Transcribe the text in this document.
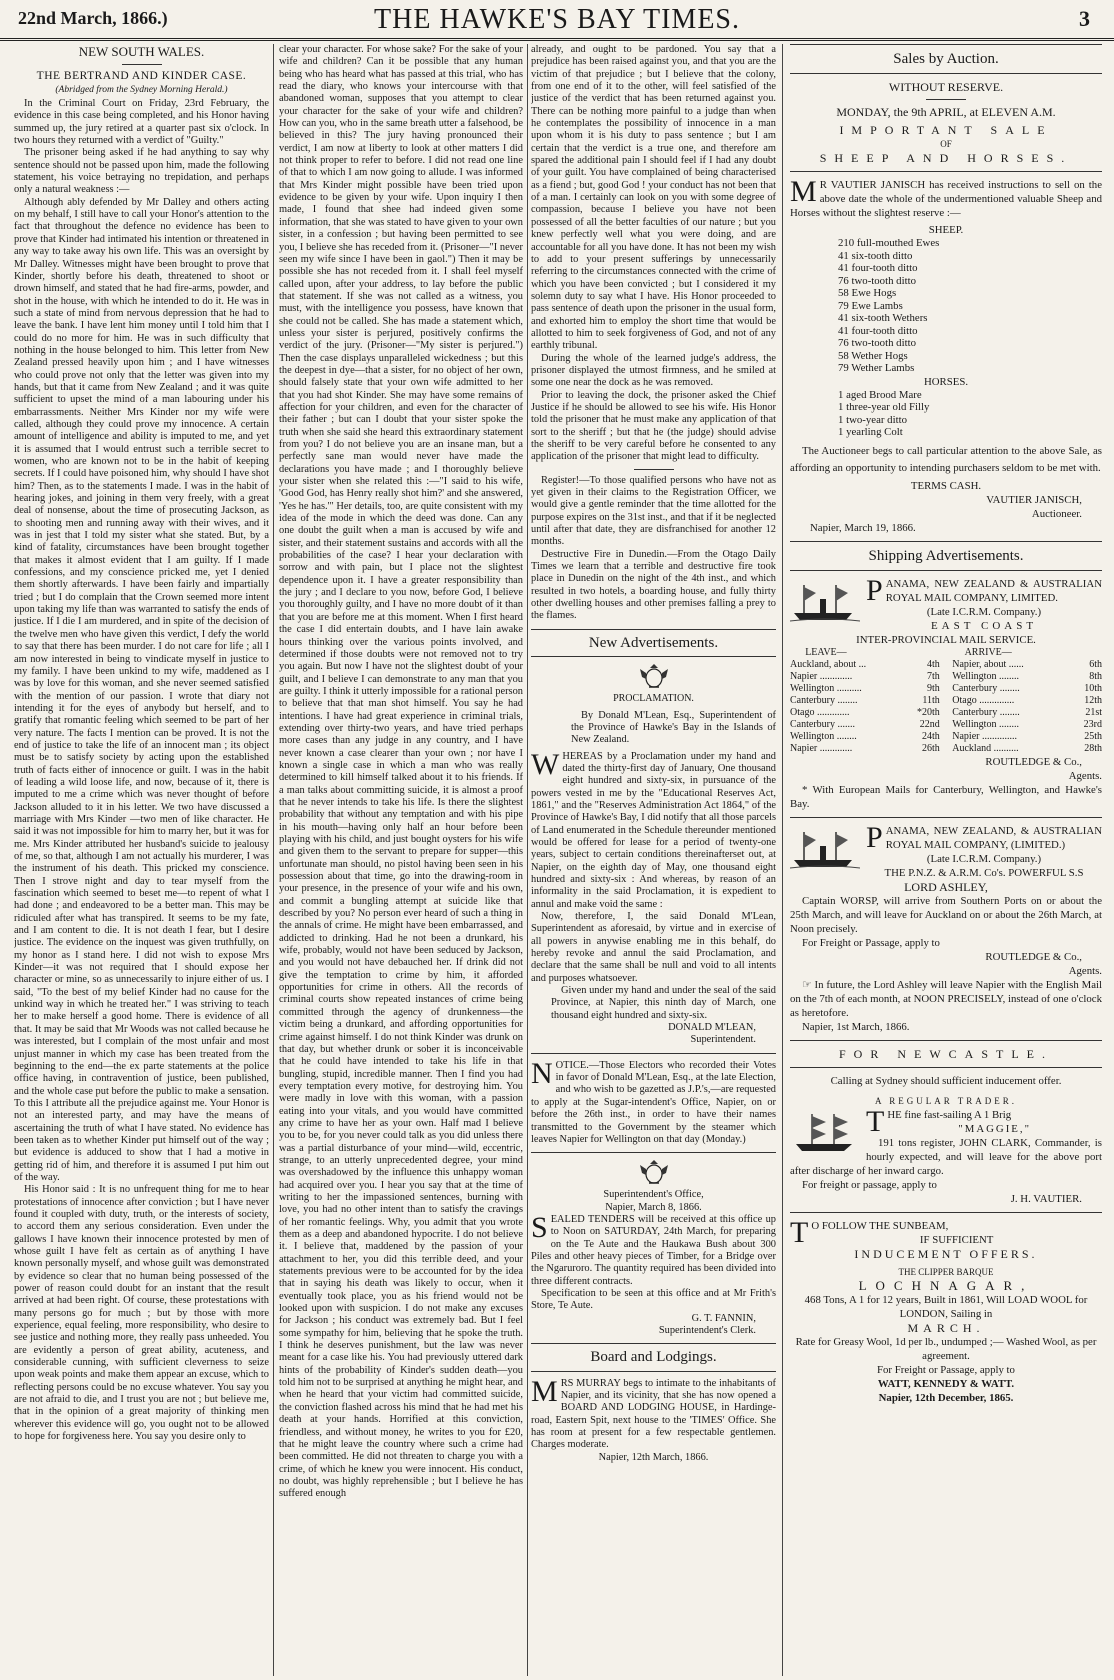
22nd March, 1866.)	THE HAWKE'S BAY TIMES.	3
NEW SOUTH WALES.
THE BERTRAND AND KINDER CASE.
(Abridged from the Sydney Morning Herald.)

In the Criminal Court on Friday, 23rd February, the evidence in this case being completed, and his Honor having summed up, the jury retired at a quarter past six o'clock. In two hours they returned with a verdict of "Guilty."

The prisoner being asked if he had anything to say why sentence should not be passed upon him, made the following statement, his voice betraying no trepidation, and perhaps only a natural weakness :—

Although ably defended by Mr Dalley and others acting on my behalf, I still have to call your Honor's attention to the fact that throughout the defence no evidence has been to prove that Kinder had intimated his intention or threatened in any way to take away his own life. This was an oversight by Mr Dalley. Witnesses might have been brought to prove that Kinder, shortly before his death, threatened to shoot or drown himself, and stated that he had fire-arms, powder, and shot in the house, with which he intended to do it. He was in such a state of mind from nervous depression that he had to leave the bank. I have lent him money until I told him that I could do no more for him. He was in such difficulty that nothing in the house belonged to him. This letter from New Zealand pressed heavily upon him ; and I have witnesses who could prove not only that the letter was given into my hands, but that it came from New Zealand ; and it was quite sufficient to upset the mind of a man labouring under his embarrassments. Neither Mrs Kinder nor my wife were called, although they could prove my innocence. A certain amount of intelligence and ability is imputed to me, and yet it is assumed that I would entrust such a terrible secret to women, who are known not to be in the habit of keeping secrets. If I could have poisoned him, why should I have shot him? Then, as to the statements I made. I was in the habit of hearing jokes, and joining in them very freely, with a great deal of nonsense, about the time of prosecuting Jackson, as to shooting men and running away with their wives, and it was in jest that I told my sister what she stated. But, by a kind of fatality, circumstances have been brought together that makes it almost evident that I am guilty. If I made confessions, and my conscience pricked me, yet I denied them shortly afterwards. I have been fairly and impartially tried ; but I do complain that the Crown seemed more intent upon taking my life than was warranted to satisfy the ends of justice. If I die I am murdered, and in spite of the decision of the twelve men who have given this verdict, I defy the world to say that there has been murder. I do not care for life ; all I am now interested in being to vindicate myself in justice to my family. I have been unkind to my wife, maddened as I was by love for this woman, and she never seemed satisfied with the mention of our passion. I wrote that diary not intending it for the eyes of anybody but herself, and to gratify that romantic feeling which seemed to be part of her very nature. The facts I mention can be proved. It is not the end of justice to take the life of an innocent man ; its object must be to satisfy society by acting upon the established truth of facts either of innocence or guilt. I was in the habit of leading a wild loose life, and now, because of it, there is imputed to me a crime which was never thought of before Jackson alluded to it in his letter. We two have discussed a marriage with Mrs Kinder —two men of like character. He said it was not impossible for him to marry her, but it was for me. Mrs Kinder attributed her husband's suicide to jealousy of me, so that, although I am not actually his murderer, I was the instrument of his death. This pricked my conscience. Then I strove night and day to tear myself from the fascination which seemed to beset me—to repent of what I had done ; and endeavored to be a better man. This may be ridiculed after what has transpired. It seems to be my fate, and I am content to die. It is not death I fear, but I desire justice. The evidence on the inquest was given truthfully, on my honor as I stand here. I did not wish to expose Mrs Kinder—it was not required that I should expose her character or mine, so as unnecessarily to injure either of us. I said, "To the best of my belief Kinder had no cause for the unkind way in which he treated her." I was striving to teach her to make herself a good home. There is evidence of all that. It may be said that Mr Woods was not called because he was interested, but I complain of the most unfair and most unjust manner in which my case has been treated from the beginning to the end—the ex parte statements at the police office having, in contravention of justice, been published, and the whole case put before the public to make a sensation. To this I attribute all the prejudice against me. Your Honor is not an interested party, and may have the means of ascertaining the truth of what I have stated. No evidence has been taken as to whether Kinder put himself out of the way ; but evidence is adduced to show that I had a motive in getting rid of him, and therefore it is assumed I put him out of the way.

His Honor said : It is no unfrequent thing for me to hear protestations of innocence after conviction ; but I have never found it coupled with duty, truth, or the interests of society, to accord them any serious consideration. Even under the gallows I have known their innocence protested by men of whose guilt I have felt as certain as of anything I have known personally myself, and whose guilt was demonstrated by evidence so clear that no human being possessed of the power of reason could doubt for an instant that the result arrived at had been right. Of course, these protestations with many persons go for much ; but by those with more experience, equal feeling, more responsibility, who desire to see justice and nothing more, they really pass unheeded. You are evidently a person of great ability, acuteness, and considerable cunning, with sufficient cleverness to seize upon weak points and make them appear an excuse, which to reflecting persons could be no excuse whatever. You say you are not afraid to die, and I trust you are not ; but believe me, that in the opinion of a great majority of thinking men wherever this evidence will go, you ought not to be allowed to hope for forgiveness here. You say you desire only to

clear your character. For whose sake? For the sake of your wife and children? Can it be possible that any human being who has heard what has passed at this trial, who has read the diary, who knows your intercourse with that abandoned woman, supposes that you attempt to clear your character for the sake of your wife and children? How can you, who in the same breath utter a falsehood, be believed in this? The jury having pronounced their verdict, I am now at liberty to look at other matters I did not think proper to refer to before. I did not read one line of that to which I am now going to allude. I was informed that Mrs Kinder might possible have been tried upon evidence to be given by your wife. Upon inquiry I then made, I found that shee had indeed given some information, that she was stated to have given to your own sister, in a confession ; but having been permitted to see you, I believe she has receded from it. (Prisoner—"I never seen my wife since I have been in gaol.") Then it may be possible she has not receded from it. I shall feel myself called upon, after your address, to lay before the public that statement. If she was not called as a witness, you must, with the intelligence you possess, have known that she could not be called. She has made a statement which, unless your sister is perjured, positively confirms the verdict of the jury. (Prisoner—"My sister is perjured.") Then the case displays unparalleled wickedness ; but this the deepest in dye—that a sister, for no object of her own, should falsely state that your own wife admitted to her that you had shot Kinder. She may have some remains of affection for your children, and even for the character of their father ; but can I doubt that your sister spoke the truth when she said she heard this extraordinary statement from you? I do not believe you are an insane man, but a perfectly sane man would never have made the declarations you have made ; and I thoroughly believe your sister when she related this :—"I said to his wife, 'Good God, has Henry really shot him?' and she answered, 'Yes he has.'" Her details, too, are quite consistent with my idea of the mode in which the deed was done. Can any one doubt the guilt when a man is accused by wife and sister, and their statement sustains and accords with all the probabilities of the case? I hear your declaration with sorrow and with pain, but I place not the slightest dependence upon it. I have a greater responsibility than the jury ; and I declare to you now, before God, I believe you thoroughly guilty, and I have no more doubt of it than that you are before me at this moment. When I first heard the case I did entertain doubts, and I have lain awake hours thinking over the various points involved, and determined if those doubts were not removed not to try you again. But now I have not the slightest doubt of your guilt, and I believe I can demonstrate to any man that you are guilty. I think it utterly impossible for a rational person to believe that that man shot himself. You say he had intentions. I have had great experience in criminal trials, extending over thirty-two years, and have tried perhaps more cases than any judge in any country, and I have never known a case clearer than your own ; nor have I known a single case in which a man who was really determined to kill himself talked about it to his friends. If a man talks about committing suicide, it is almost a proof that he never intends to take his life. Is there the slightest probability that without any temptation and with his pipe in his mouth—having only half an hour before been playing with his child, and just bought oysters for his wife and given them to the servant to prepare for supper—this unfortunate man should, no pistol having been seen in his possession about that time, go into the drawing-room in your presence, in the presence of your wife and his own, and commit a bungling attempt at suicide like that described by you? No person ever heard of such a thing in the annals of crime. He might have been embarrassed, and addicted to drinking. Had he not been a drunkard, his wife, probably, would not have been seduced by Jackson, and you would not have debauched her. If drink did not give the temptation to crime by him, it afforded opportunities for crime in others. All the records of criminal courts show repeated instances of crime being committed through the agency of drunkenness—the victim being a drunkard, and affording opportunities for crime against himself. I do not think Kinder was drunk on that day, but whether drunk or sober it is inconceivable that he could have intended to take his life in that bungling, stupid, incredible manner. Then I find you had every temptation every motive, for destroying him. You were madly in love with this woman, with a passion eating into your vitals, and you would have committed any crime to have her as your own. Half mad I believe you to be, for you never could talk as you did unless there was a partial disturbance of your mind—wild, eccentric, strange, to an utterly unprecedented degree, your mind was overshadowed by the influence this unhappy woman had acquired over you. I hear you say that at the time of writing to her the impassioned sentences, burning with love, you had no other intent than to satisfy the cravings of her romantic feelings. Why, you admit that you wrote them as a deep and abandoned hypocrite. I do not believe it. I believe that, maddened by the passion of your attachment to her, you did this terrible deed, and your statements previous were to be accounted for by the idea that in saying his death was likely to occur, when it eventually took place, you as his friend would not be looked upon with suspicion. I do not make any excuses for Jackson ; his conduct was extremely bad. But I feel some sympathy for him, believing that he spoke the truth. I think he deserves punishment, but the law was never meant for a case like his. You had previously uttered dark hints of the probability of Kinder's sudden death—you told him not to be surprised at anything he might hear, and when he heard that your victim had committed suicide, the conviction flashed across his mind that he had met his death at your hands. Horrified at this conviction, friendless, and without money, he writes to you for £20, that he might leave the country where such a crime had been committed. He did not threaten to charge you with a crime, of which he knew you were innocent. His conduct, no doubt, was highly reprehensible ; but I believe he has suffered enough

already, and ought to be pardoned. You say that a prejudice has been raised against you, and that you are the victim of that prejudice ; but I believe that the colony, from one end of it to the other, will feel satisfied of the justice of the verdict that has been returned against you. There can be nothing more painful to a judge than when he contemplates the possibility of innocence in a man upon whom it is his duty to pass sentence ; but I am certain that the verdict is a true one, and therefore am spared the additional pain I should feel if I had any doubt of your guilt. You have complained of being characterised as a fiend ; but, good God ! your conduct has not been that of a man. I certainly can look on you with some degree of compassion, because I believe you have not been possessed of all the better faculties of our nature ; but you knew perfectly well what you were doing, and are accountable for all you have done. It has not been my wish to add to your present sufferings by unnecessarily referring to the circumstances connected with the crime of which you have been convicted ; but I considered it my solemn duty to say what I have. His Honor proceeded to pass sentence of death upon the prisoner in the usual form, and exhorted him to employ the short time that would be allotted to him to seek forgiveness of God, and not of any earthly tribunal.

During the whole of the learned judge's address, the prisoner displayed the utmost firmness, and he smiled at some one near the dock as he was removed.

Prior to leaving the dock, the prisoner asked the Chief Justice if he should be allowed to see his wife. His Honor told the prisoner that he must make any application of that sort to the sheriff ; but that he (the judge) should advise the sheriff to be very careful before he consented to any application of the prisoner that might lead to difficulty.

Register!—To those qualified persons who have not as yet given in their claims to the Registration Officer, we would give a gentle reminder that the time allotted for the purpose expires on the 31st inst., and that if it be neglected until after that date, they are disfranchised for another 12 months.

Destructive Fire in Dunedin.—From the Otago Daily Times we learn that a terrible and destructive fire took place in Dunedin on the night of the 4th inst., and which resulted in two hotels, a boarding house, and fully thirty other dwelling houses and other premises falling a prey to the flames.

New Advertisements.
PROCLAMATION.

By Donald M'Lean, Esq., Superintendent of the Province of Hawke's Bay in the Islands of New Zealand.

WHEREAS by a Proclamation under my hand and dated the thirty-first day of January, One thousand eight hundred and sixty-six, in pursuance of the powers vested in me by the "Educational Reserves Act, 1861," and the "Reserves Administration Act 1864," of the Province of Hawke's Bay, I did notify that all those parcels of Land enumerated in the Schedule thereunder mentioned would be offered for lease for a period of twenty-one years, subject to certain conditions thereinafterset out, at Napier, on the eighth day of May, one thousand eight hundred and sixty-six : And whereas, by reason of an informality in the said Proclamation, it is expedient to annul and make void the same :

Now, therefore, I, the said Donald M'Lean, Superintendent as aforesaid, by virtue and in exercise of all powers in anywise enabling me in this behalf, do hereby revoke and annul the said Proclamation, and declare that the same shall be null and void to all intents and purposes whatsoever.

Given under my hand and under the seal of the said Province, at Napier, this ninth day of March, one thousand eight hundred and sixty-six.

DONALD M'LEAN,
Superintendent.

NOTICE.—Those Electors who recorded their Votes in favor of Donald M'Lean, Esq., at the late Election, and who wish to be gazetted as J.P.'s,—are requested to apply at the Sugar-intendent's Office, Napier, on or before the 26th inst., in order to have their names transmitted to the Government by the steamer which leaves Napier for Wellington on that day (Monday.)

Superintendent's Office,
Napier, March 8, 1866.

SEALED TENDERS will be received at this office up to Noon on SATURDAY, 24th March, for preparing on the Te Aute and the Haukawa Bush about 300 Piles and other heavy pieces of Timber, for a Bridge over the Ngaruroro. The quantity required has been divided into three different contracts.

Specification to be seen at this office and at Mr Frith's Store, Te Aute.

G. T. FANNIN,
Superintendent's Clerk.
Board and Lodgings.

MRS MURRAY begs to intimate to the inhabitants of Napier, and its vicinity, that she has now opened a BOARD AND LODGING HOUSE, in Hardinge-road, Eastern Spit, next house to the 'TIMES' Office. She has room at present for a few respectable gentlemen. Charges moderate.

Napier, 12th March, 1866.
Sales by Auction.
WITHOUT RESERVE.
MONDAY, the 9th APRIL, at ELEVEN A.M.
IMPORTANT SALE
OF
SHEEP AND HORSES.

M R VAUTIER JANISCH has received instructions to sell on the above date the whole of the undermentioned valuable Sheep and Horses without the slightest reserve :—

SHEEP.
210 full-mouthed Ewes
41 six-tooth ditto
41 four-tooth ditto
76 two-tooth ditto
58 Ewe Hogs
79 Ewe Lambs
41 six-tooth Wethers
41 four-tooth ditto
76 two-tooth ditto
58 Wether Hogs
79 Wether Lambs
HORSES.
1 aged Brood Mare
1 three-year old Filly
1 two-year ditto
1 yearling Colt

The Auctioneer begs to call particular attention to the above Sale, as affording an opportunity to intending purchasers seldom to be met with.

TERMS CASH.
VAUTIER JANISCH,
Auctioneer.

Napier, March 19, 1866.

Shipping Advertisements.

PANAMA, NEW ZEALAND & AUSTRALIAN ROYAL MAIL COMPANY, LIMITED.

(Late I.C.R.M. Company.)
EAST COAST
INTER-PROVINCIAL MAIL SERVICE.
LEAVE—
Auckland, about ...	4th
Napier .............	7th
Wellington ..........	9th
Canterbury ........	11th
Otago .............	*20th
Canterbury .......	22nd
Wellington ........	24th
Napier .............	26th
ARRIVE—
Napier, about ......	6th
Wellington ........	8th
Canterbury ........	10th
Otago ..............	12th
Canterbury ........	21st
Wellington ........	23rd
Napier ..............	25th
Auckland ..........	28th
ROUTLEDGE & Co.,
Agents.

* With European Mails for Canterbury, Wellington, and Hawke's Bay.

PANAMA, NEW ZEALAND, & AUSTRALIAN ROYAL MAIL COMPANY, (LIMITED.)

(Late I.C.R.M. Company.)
THE P.N.Z. & A.R.M. Co's. POWERFUL S.S
LORD ASHLEY,

Captain WORSP, will arrive from Southern Ports on or about the 25th March, and will leave for Auckland on or about the 26th March, at Noon precisely.

For Freight or Passage, apply to

ROUTLEDGE & Co.,
Agents.

☞ In future, the Lord Ashley will leave Napier with the English Mail on the 7th of each month, at NOON PRECISELY, instead of one o'clock as heretofore.

Napier, 1st March, 1866.

FOR NEWCASTLE.
Calling at Sydney should sufficient inducement offer.
A REGULAR TRADER.

THE fine fast-sailing A 1 Brig

"MAGGIE,"

191 tons register, JOHN CLARK, Commander, is hourly expected, and will leave for the above port after discharge of her inward cargo.

For freight or passage, apply to

J. H. VAUTIER.

T O FOLLOW THE SUNBEAM,

IF SUFFICIENT
INDUCEMENT OFFERS.
THE CLIPPER BARQUE
LOCHNAGAR,
468 Tons, A 1 for 12 years, Built in 1861, Will LOAD WOOL for LONDON, Sailing in
MARCH.
Rate for Greasy Wool, 1d per lb., undumped ;— Washed Wool, as per agreement.
For Freight or Passage, apply to
WATT, KENNEDY & WATT.
Napier, 12th December, 1865.
